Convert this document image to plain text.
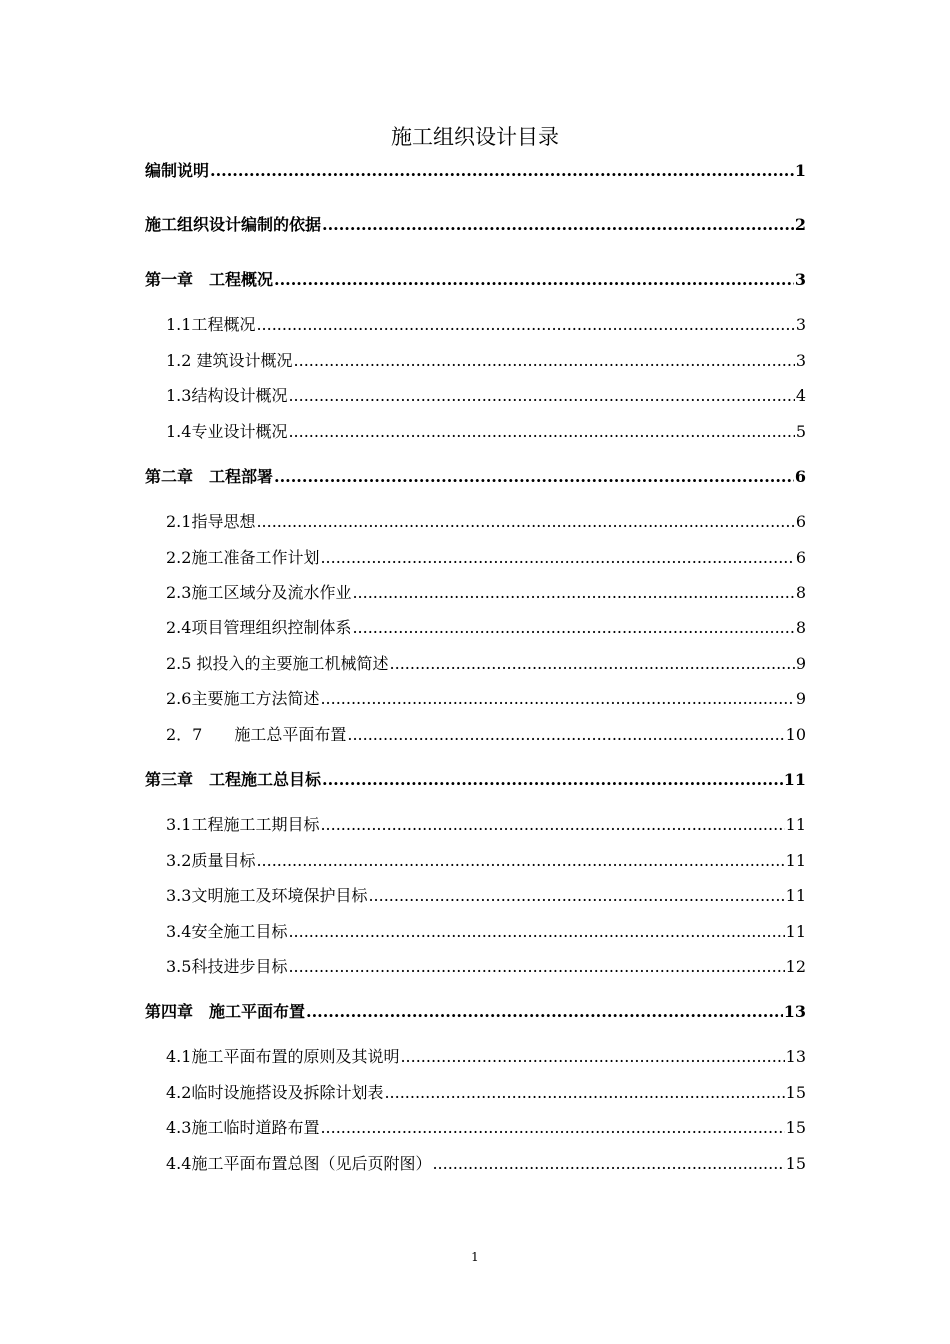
施工组织设计目录
编制说明 .....	1
施工组织设计编制的依据 .....	2
第一章　工程概况 .....	3
1.1工程概况 .....	3
1.2 建筑设计概况 .....	3
1.3结构设计概况 .....	4
1.4专业设计概况 .....	5
第二章　工程部署 .....	6
2.1指导思想 .....	6
2.2施工准备工作计划 .....	6
2.3施工区域分及流水作业 .....	8
2.4项目管理组织控制体系 .....	8
2.5 拟投入的主要施工机械简述 .....	9
2.6主要施工方法简述 .....	9
2．7　　施工总平面布置 .....	10
第三章　工程施工总目标 .....	11
3.1工程施工工期目标 .....	11
3.2质量目标 .....	11
3.3文明施工及环境保护目标 .....	11
3.4安全施工目标 .....	11
3.5科技进步目标 .....	12
第四章　施工平面布置 .....	13
4.1施工平面布置的原则及其说明 .....	13
4.2临时设施搭设及拆除计划表 .....	15
4.3施工临时道路布置 .....	15
4.4施工平面布置总图（见后页附图） .....	15
1
